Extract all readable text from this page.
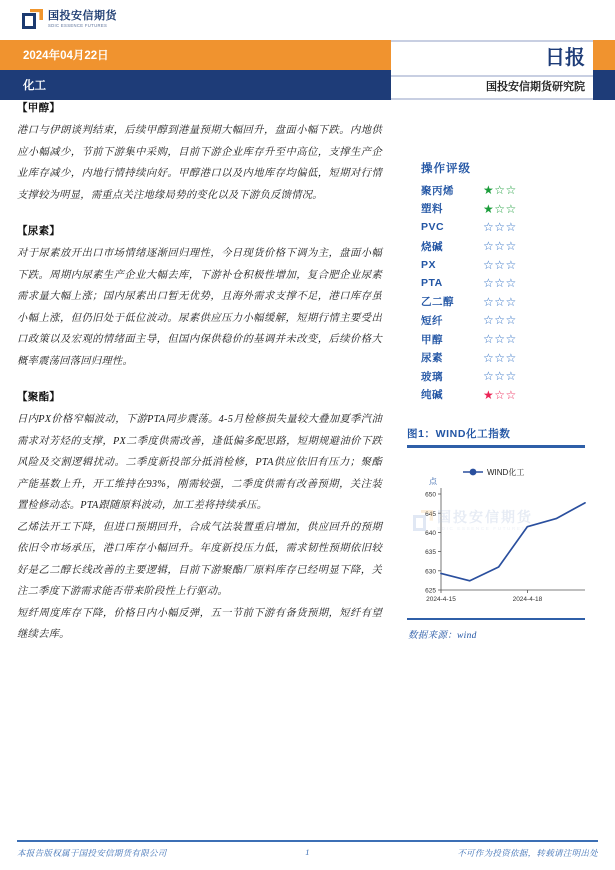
国投安信期货
SDIC ESSENCE FUTURES
2024年04月22日
化工
日报
国投安信期货研究院
【甲醇】

港口与伊朗谈判结束，后续甲醇到港量预期大幅回升，盘面小幅下跌。内地供应小幅减少，节前下游集中采购，目前下游企业库存升至中高位，支撑生产企业库存减少，内地行情持续向好。甲醇港口以及内地库存均偏低，短期对行情支撑较为明显，需重点关注地缘局势的变化以及下游负反馈情况。

【尿素】

对于尿素放开出口市场情绪逐渐回归理性，今日现货价格下调为主，盘面小幅下跌。周期内尿素生产企业大幅去库，下游补仓积极性增加，复合肥企业尿素需求量大幅上涨；国内尿素出口暂无优势，且海外需求支撑不足，港口库存虽小幅上涨，但仍旧处于低位波动。尿素供应压力小幅缓解，短期行情主要受出口政策以及宏观的情绪面主导，但国内保供稳价的基调并未改变，后续价格大概率震荡回落回归理性。

【聚酯】

日内PX价格窄幅波动，下游PTA同步震荡。4-5月检修损失量较大叠加夏季汽油需求对芳烃的支撑，PX二季度供需改善，逢低偏多配思路，短期规避油价下跌风险及交割逻辑扰动。二季度新投部分抵消检修，PTA供应依旧有压力；聚酯产能基数上升，开工维持在93%，刚需较强，二季度供需有改善预期，关注装置检修动态。PTA跟随原料波动，加工差将持续承压。

乙烯法开工下降，但进口预期回升，合成气法装置重启增加，供应回升的预期依旧令市场承压，港口库存小幅回升。年度新投压力低，需求韧性预期依旧较好是乙二醇长线改善的主要逻辑，目前下游聚酯厂原料库存已经明显下降，关注二季度下游需求能否带来阶段性上行驱动。

短纤周度库存下降，价格日内小幅反弹，五一节前下游有备货预期，短纤有望继续去库。

操作评级
聚丙烯	★☆☆
塑料	★☆☆
PVC	☆☆☆
烧碱	☆☆☆
PX	☆☆☆
PTA	☆☆☆
乙二醇	☆☆☆
短纤	☆☆☆
甲醇	☆☆☆
尿素	☆☆☆
玻璃	☆☆☆
纯碱	★☆☆
图1：WIND化工指数
国投安信期货
SDIC ESSENCE FUTURES
点
WIND化工
625
630
635
640
645
650
2024-4-15	2024-4-18
数据来源：wind
本报告版权属于国投安信期货有限公司	1	不可作为投资依据，转载请注明出处
